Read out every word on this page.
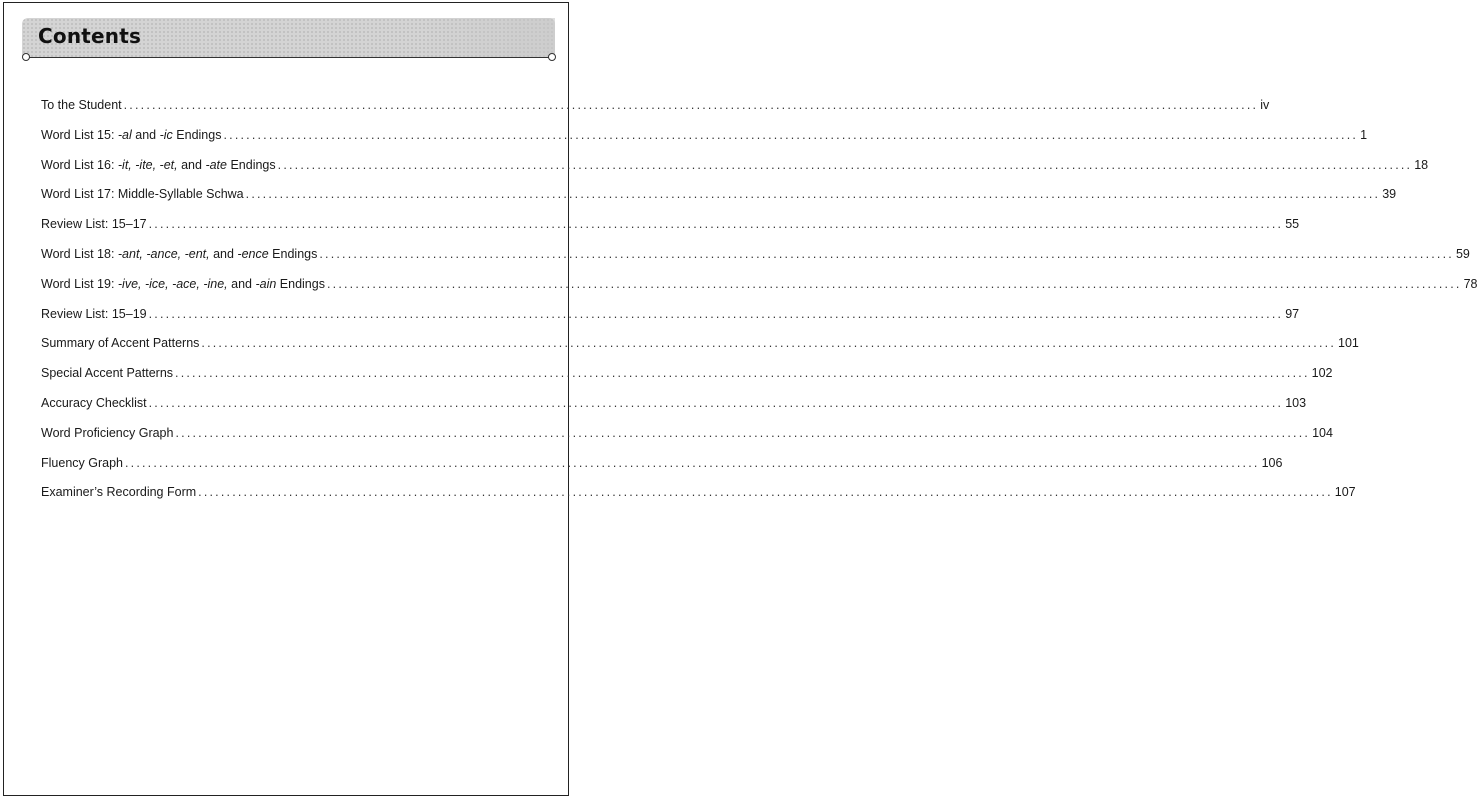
Contents
To the Student ........................................................................................................................................................................................................ iv
Word List 15: -al and -ic Endings ........................................................................................................................................................................................................ 1
Word List 16: -it, -ite, -et, and -ate Endings ........................................................................................................................................................................................................ 18
Word List 17: Middle-Syllable Schwa ........................................................................................................................................................................................................ 39
Review List: 15–17 ........................................................................................................................................................................................................ 55
Word List 18: -ant, -ance, -ent, and -ence Endings ........................................................................................................................................................................................................ 59
Word List 19: -ive, -ice, -ace, -ine, and -ain Endings ........................................................................................................................................................................................................ 78
Review List: 15–19 ........................................................................................................................................................................................................ 97
Summary of Accent Patterns ........................................................................................................................................................................................................ 101
Special Accent Patterns ........................................................................................................................................................................................................ 102
Accuracy Checklist ........................................................................................................................................................................................................ 103
Word Proficiency Graph ........................................................................................................................................................................................................ 104
Fluency Graph ........................................................................................................................................................................................................ 106
Examiner’s Recording Form ........................................................................................................................................................................................................ 107
